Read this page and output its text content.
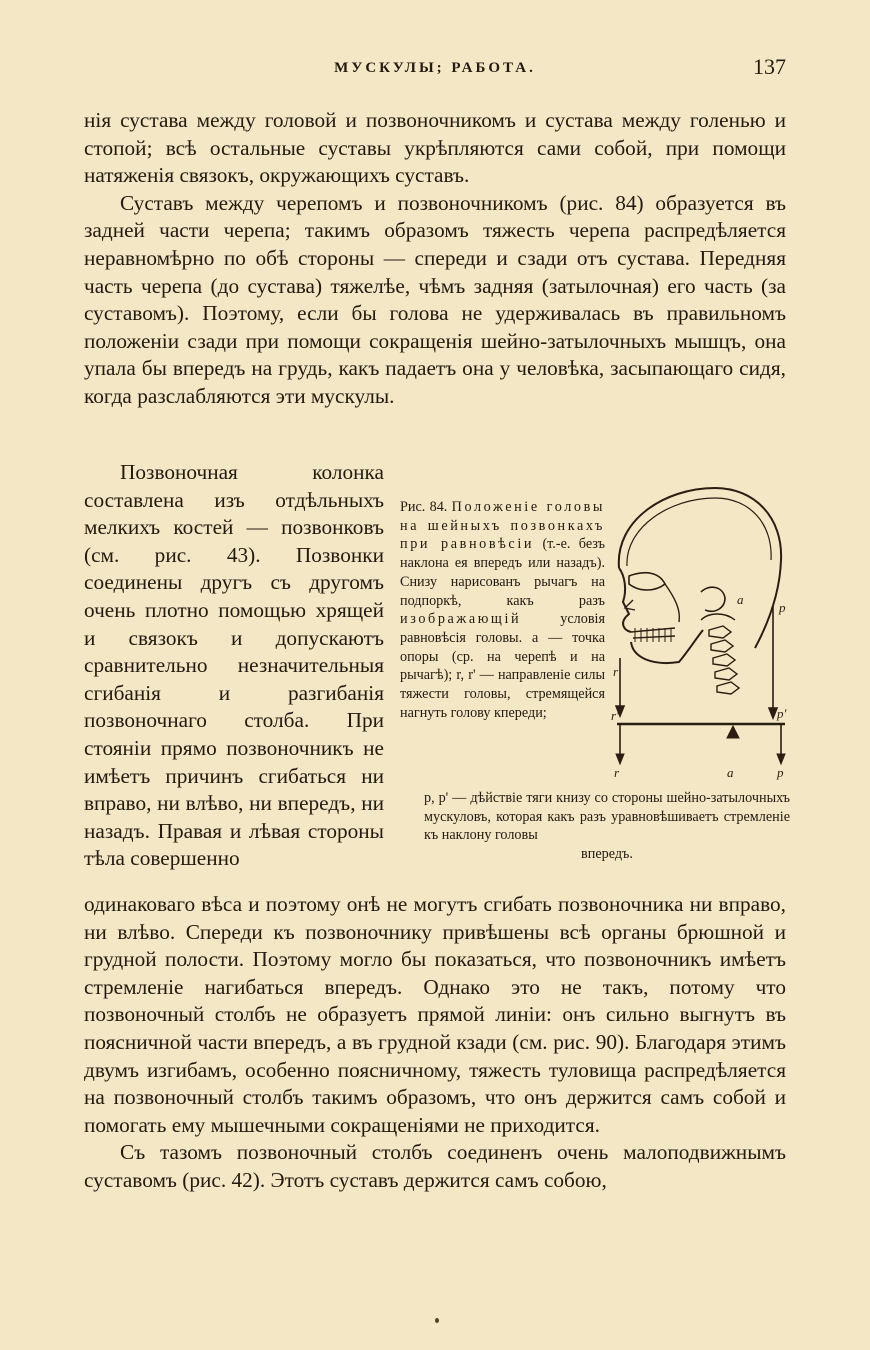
МУСКУЛЫ; РАБОТА.	137

нія сустава между головой и позвоночникомъ и сустава между голенью и стопой; всѣ остальные суставы укрѣпляются сами собой, при помощи натяженія связокъ, окружающихъ суставъ.

Суставъ между черепомъ и позвоночникомъ (рис. 84) образуется въ задней части черепа; такимъ образомъ тяжесть черепа распредѣляется неравномѣрно по обѣ стороны — спереди и сзади отъ сустава. Передняя часть черепа (до сустава) тяжелѣе, чѣмъ задняя (затылочная) его часть (за суставомъ). Поэтому, если бы голова не удерживалась въ правильномъ положеніи сзади при помощи сокращенія шейно-затылочныхъ мышцъ, она упала бы впередъ на грудь, какъ падаетъ она у человѣка, засыпающаго сидя, когда разслабляются эти мускулы.

Позвоночная колонка составлена изъ отдѣльныхъ мелкихъ костей — позвонковъ (см. рис. 43). Позвонки соединены другъ съ другомъ очень плотно помощью хрящей и связокъ и допускаютъ сравнительно незначительныя сгибанія и разгибанія позвоночнаго столба. При стояніи прямо позвоночникъ не имѣетъ причинъ сгибаться ни вправо, ни влѣво, ни впередъ, ни назадъ. Правая и лѣвая стороны тѣла совершенно

Рис. 84. Положеніе головы на шейныхъ позвонкахъ при равновѣсіи (т.-е. безъ наклона ея впередъ или назадъ). Снизу нарисованъ рычагъ на подпоркѣ, какъ разъ изображающій	условія равновѣсія головы. а — точка опоры (ср. на черепѣ и на рычагѣ); r, r' — направленіе силы тяжести головы, стремящейся нагнуть голову кпереди;
a
p
r
r'	p'
r	a	p
p, p' — дѣйствіе тяги книзу со стороны шейно-затылочныхъ мускуловъ, которая какъ разъ уравновѣшиваетъ стремленіе къ наклону головы
впередъ.

одинаковаго вѣса и поэтому онѣ не могутъ сгибать позвоночника ни вправо, ни влѣво. Спереди къ позвоночнику привѣшены всѣ органы брюшной и грудной полости. Поэтому могло бы показаться, что позвоночникъ имѣетъ стремленіе нагибаться впередъ. Однако это не такъ, потому что позвоночный столбъ не образуетъ прямой линіи: онъ сильно выгнутъ въ поясничной части впередъ, а въ грудной кзади (см. рис. 90). Благодаря этимъ двумъ изгибамъ, особенно поясничному, тяжесть туловища распредѣляется на позвоночный столбъ такимъ образомъ, что онъ держится самъ собой и помогать ему мышечными сокращеніями не приходится.

Съ тазомъ позвоночный столбъ соединенъ очень малоподвижнымъ суставомъ (рис. 42). Этотъ суставъ держится самъ собою,
